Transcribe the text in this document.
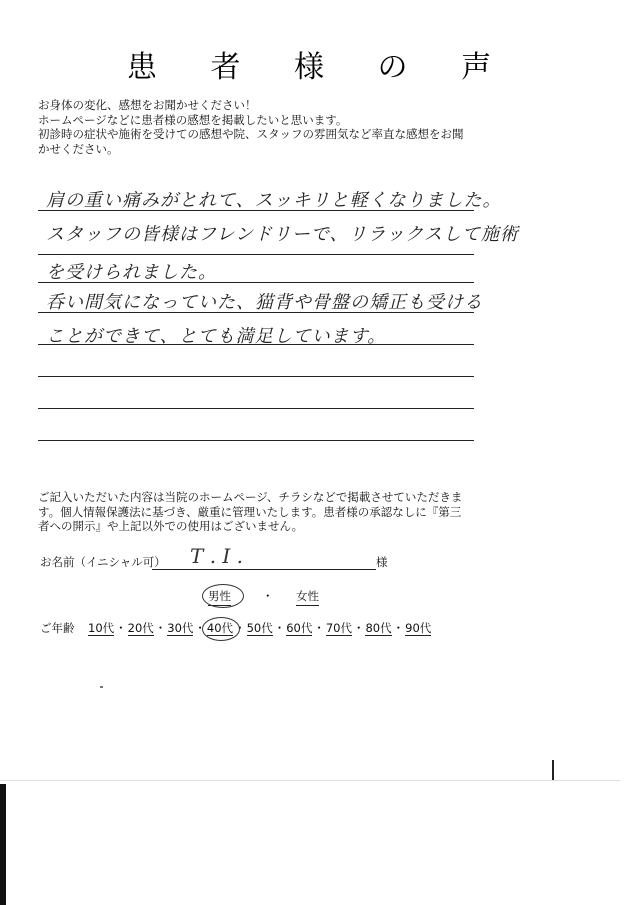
患 者 様 の 声
お身体の変化、感想をお聞かせください！
ホームページなどに患者様の感想を掲載したいと思います。
初診時の症状や施術を受けての感想や院、スタッフの雰囲気など率直な感想をお聞
かせください。
肩の重い痛みがとれて、スッキリと軽くなりました。
スタッフの皆様はフレンドリーで、リラックスして施術
を受けられました。
呑い間気になっていた、猫背や骨盤の矯正も受ける
ことができて、とても満足しています。
ご記入いただいた内容は当院のホームページ、チラシなどで掲載させていただきま
す。個人情報保護法に基づき、厳重に管理いたします。患者様の承認なしに『第三
者への開示』や上記以外での使用はございません。
お名前（イニシャル可） T . I .	様
男性	・ 女性
ご年齢 10代・20代・30代・40代・50代・60代・70代・80代・90代
